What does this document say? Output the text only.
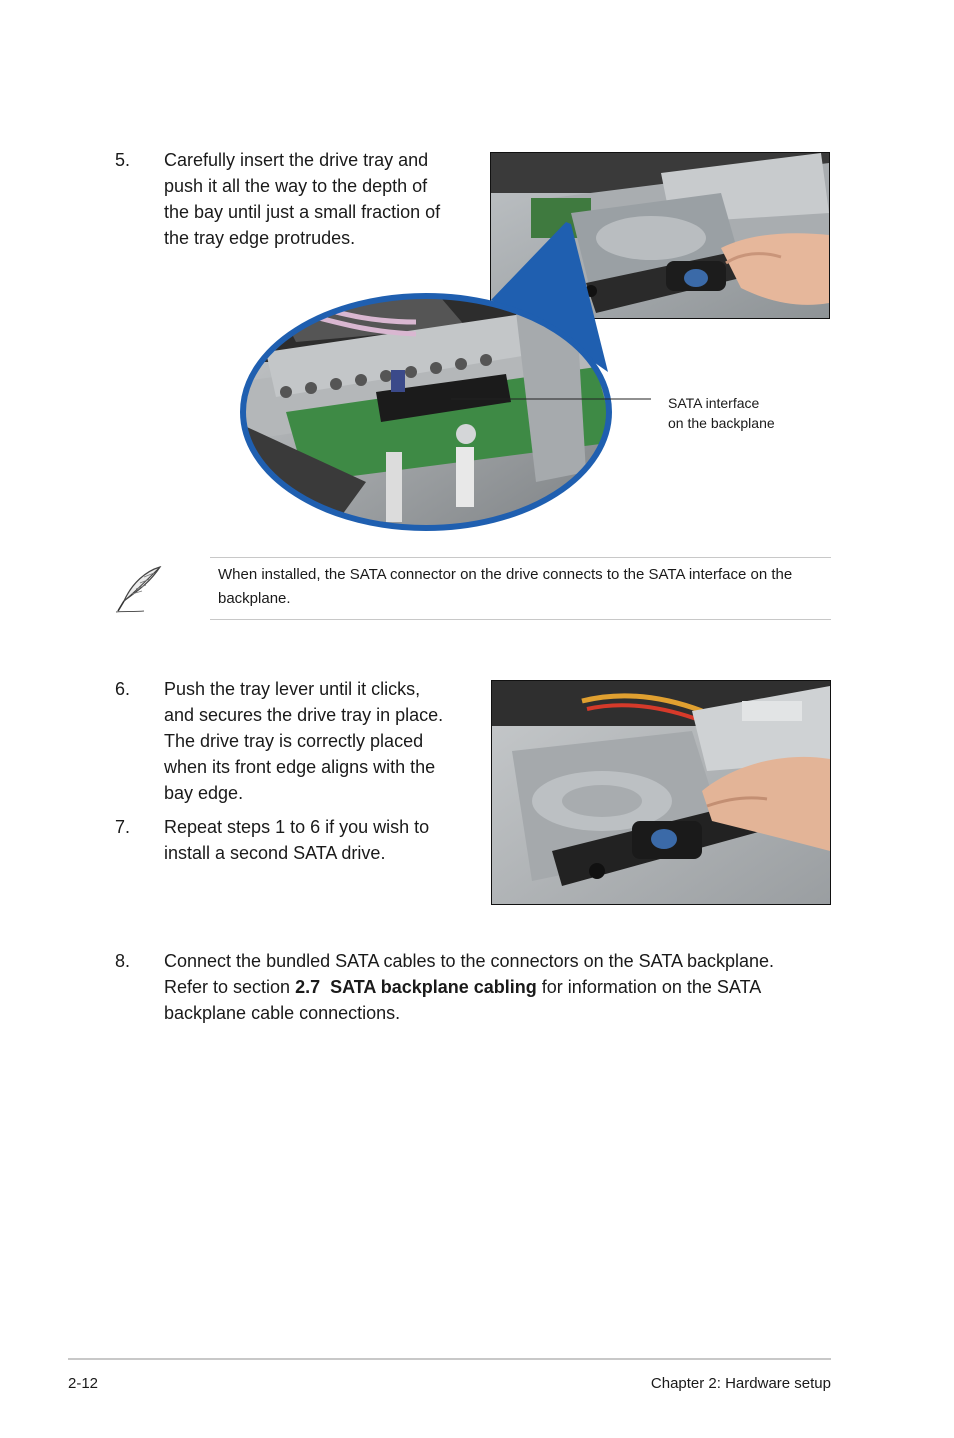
5. Carefully insert the drive tray and
push it all the way to the depth of
the bay until just a small fraction of
the tray edge protrudes.
SATA interface
on the backplane
When installed, the SATA connector on the drive connects to the SATA interface on the backplane.
6. Push the tray lever until it clicks,
and secures the drive tray in place.
The drive tray is correctly placed
when its front edge aligns with the
bay edge.
7. Repeat steps 1 to 6 if you wish to
install a second SATA drive.
8. Connect the bundled SATA cables to the connectors on the SATA backplane.
Refer to section 2.7  SATA backplane cabling for information on the SATA
backplane cable connections.
2-12	Chapter 2: Hardware setup
